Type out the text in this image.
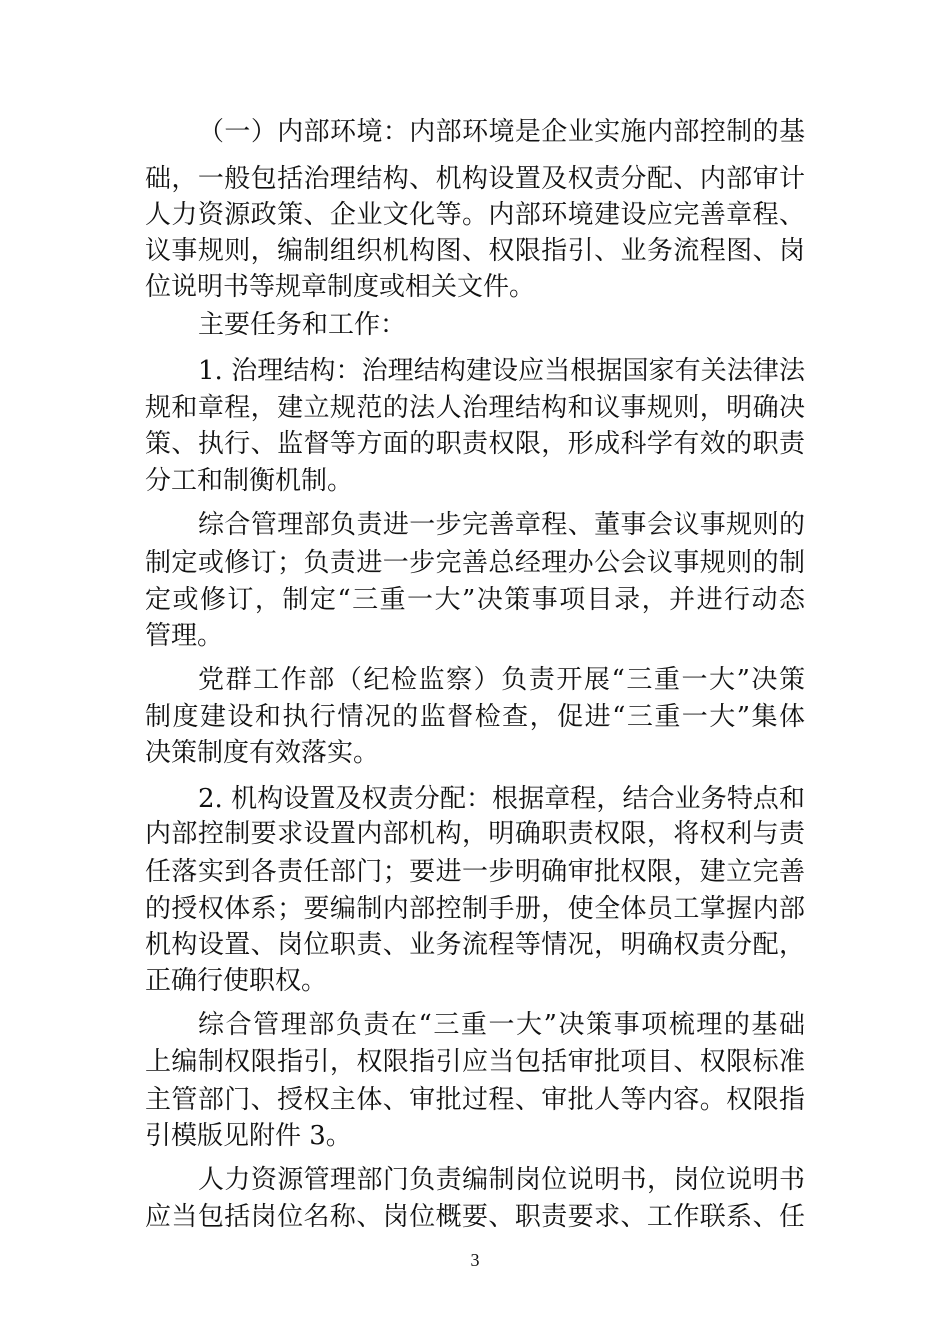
（一）内部环境：内部环境是企业实施内部控制的基
础，一般包括治理结构、机构设置及权责分配、内部审计
人力资源政策、企业文化等。内部环境建设应完善章程、
议事规则，编制组织机构图、权限指引、业务流程图、岗
位说明书等规章制度或相关文件。
主要任务和工作：
1. 治理结构：治理结构建设应当根据国家有关法律法
规和章程，建立规范的法人治理结构和议事规则，明确决
策、执行、监督等方面的职责权限，形成科学有效的职责
分工和制衡机制。
综合管理部负责进一步完善章程、董事会议事规则的
制定或修订；负责进一步完善总经理办公会议事规则的制
定或修订，制定“三重一大”决策事项目录，并进行动态
管理。
党群工作部（纪检监察）负责开展“三重一大”决策
制度建设和执行情况的监督检查，促进“三重一大”集体
决策制度有效落实。
2. 机构设置及权责分配：根据章程，结合业务特点和
内部控制要求设置内部机构，明确职责权限，将权利与责
任落实到各责任部门；要进一步明确审批权限，建立完善
的授权体系；要编制内部控制手册，使全体员工掌握内部
机构设置、岗位职责、业务流程等情况，明确权责分配，
正确行使职权。
综合管理部负责在“三重一大”决策事项梳理的基础
上编制权限指引，权限指引应当包括审批项目、权限标准
主管部门、授权主体、审批过程、审批人等内容。权限指
引模版见附件 3。
人力资源管理部门负责编制岗位说明书，岗位说明书
应当包括岗位名称、岗位概要、职责要求、工作联系、任
3
